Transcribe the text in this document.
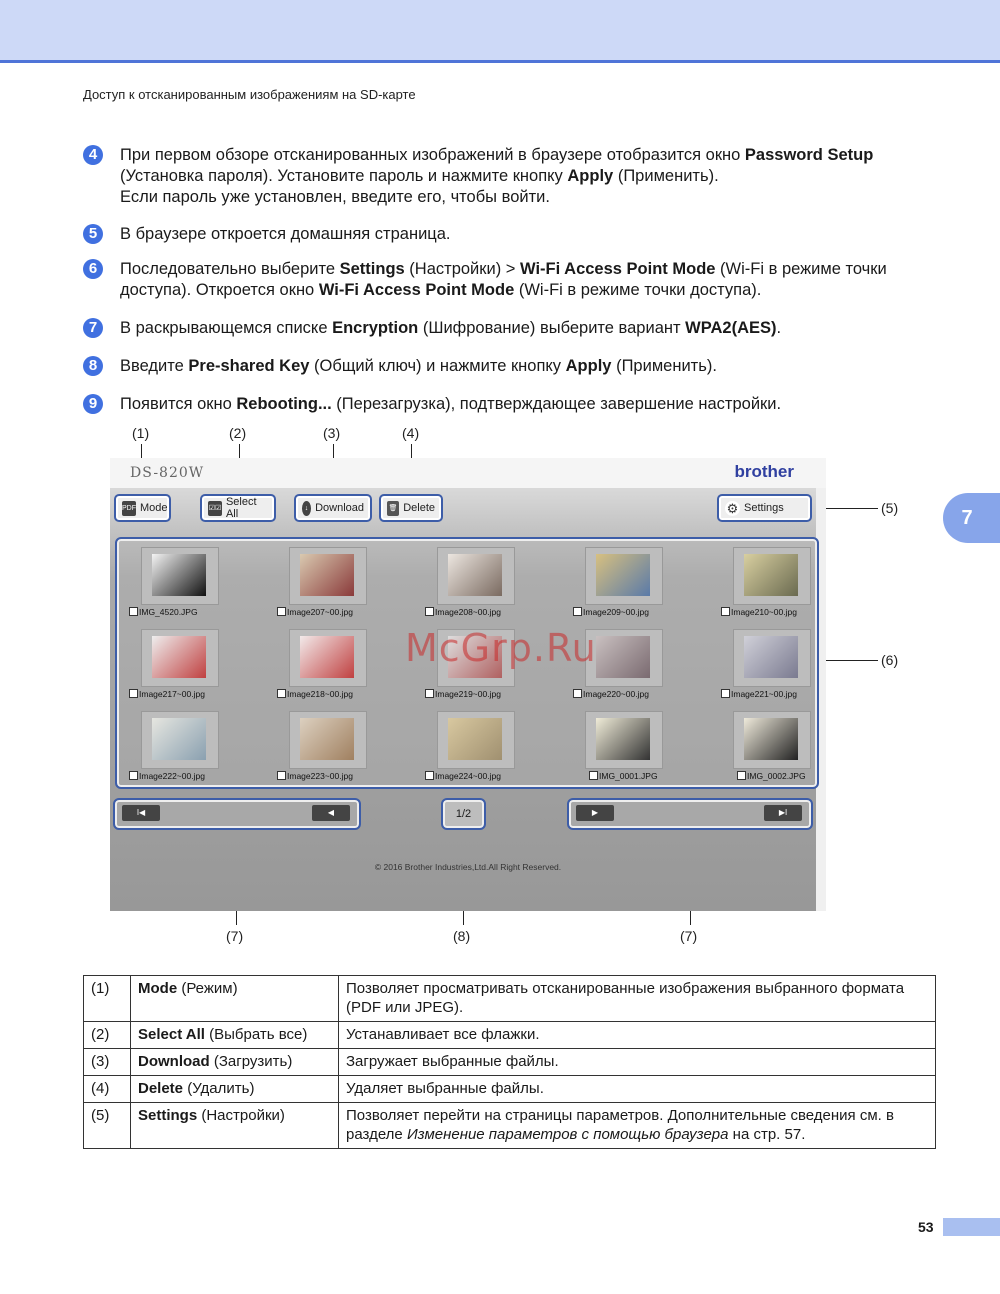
Доступ к отсканированным изображениям на SD-карте
4	При первом обзоре отсканированных изображений в браузере отобразится окно Password Setup (Установка пароля). Установите пароль и нажмите кнопку Apply (Применить).
Если пароль уже установлен, введите его, чтобы войти.
5	В браузере откроется домашняя страница.
6	Последовательно выберите Settings (Настройки) > Wi-Fi Access Point Mode (Wi-Fi в режиме точки доступа). Откроется окно Wi-Fi Access Point Mode (Wi-Fi в режиме точки доступа).
7	В раскрывающемся списке Encryption (Шифрование) выберите вариант WPA2(AES).
8	Введите Pre-shared Key (Общий ключ) и нажмите кнопку Apply (Применить).
9	Появится окно Rebooting... (Перезагрузка), подтверждающее завершение настройки.
7
(1)	(2)	(3)	(4)
(5)
(6)
(7)	(8)	(7)
DS-820W	brother
PDF Mode	☑☑ Select All	↓ Download	🗑 Delete	⚙ Settings
IMG_4520.JPG	Image207~00.jpg	Image208~00.jpg	Image209~00.jpg	Image210~00.jpg
Image217~00.jpg	Image218~00.jpg	Image219~00.jpg	Image220~00.jpg	Image221~00.jpg
Image222~00.jpg	Image223~00.jpg	Image224~00.jpg	IMG_0001.JPG	IMG_0002.JPG
I◀	◀	1/2	▶	▶I
© 2016 Brother Industries,Ltd.All Right Reserved.
McGrp.Ru
(1)	Mode (Режим)	Позволяет просматривать отсканированные изображения выбранного формата (PDF или JPEG).
(2)	Select All (Выбрать все)	Устанавливает все флажки.
(3)	Download (Загрузить)	Загружает выбранные файлы.
(4)	Delete (Удалить)	Удаляет выбранные файлы.
(5)	Settings (Настройки)	Позволяет перейти на страницы параметров. Дополнительные сведения см. в разделе Изменение параметров с помощью браузера на стр. 57.
53
